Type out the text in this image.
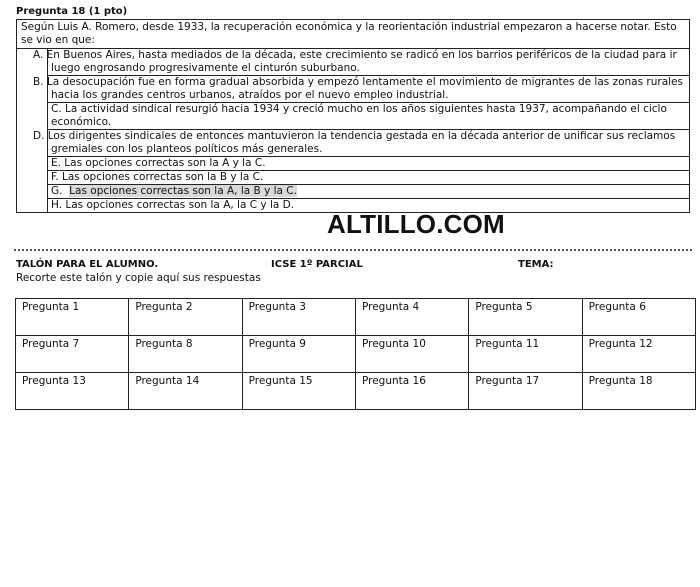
Pregunta 18 (1 pto)
Según Luis A. Romero, desde 1933, la recuperación económica y la reorientación industrial empezaron a hacerse notar. Esto se vio en que:
	A. En Buenos Aires, hasta mediados de la década, este crecimiento se radicó en los barrios periféricos de la ciudad para ir luego engrosando progresivamente el cinturón suburbano.
B. La desocupación fue en forma gradual absorbida y empezó lentamente el movimiento de migrantes de las zonas rurales hacia los grandes centros urbanos, atraídos por el nuevo empleo industrial.
C. La actividad sindical resurgió hacia 1934 y creció mucho en los años siguientes hasta 1937, acompañando el ciclo económico.
D. Los dirigentes sindicales de entonces mantuvieron la tendencia gestada en la década anterior de unificar sus reclamos gremiales con los planteos políticos más generales.
E. Las opciones correctas son la A y la C.
F. Las opciones correctas son la B y la C.
G. Las opciones correctas son la A, la B y la C.
H. Las opciones correctas son la A, la C y la D.
ALTILLO.COM
TALÓN PARA EL ALUMNO.	ICSE 1º PARCIAL	TEMA:
Recorte este talón y copie aquí sus respuestas
Pregunta 1	Pregunta 2	Pregunta 3	Pregunta 4	Pregunta 5	Pregunta 6
Pregunta 7	Pregunta 8	Pregunta 9	Pregunta 10	Pregunta 11	Pregunta 12
Pregunta 13	Pregunta 14	Pregunta 15	Pregunta 16	Pregunta 17	Pregunta 18
